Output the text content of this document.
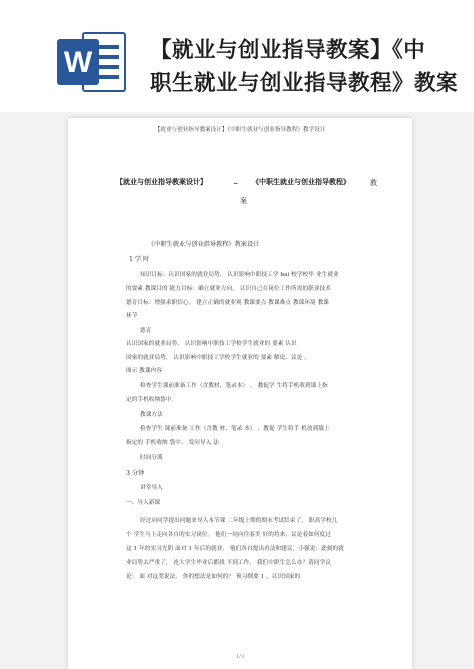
W	【就业与创业指导教案】《中
职生就业与创业指导教程》教案
【就业与创业指导教案设计】《中职生就业与创业指导教程》教学设计
【就业与创业指导教案设计】	_ 《中职生就业与创业指导教程》	教
案
《中职生就业与创业指导教程》教案设计
1 学 时
知识目标：认识国家的就业局势， 认识影响中职技工学 bai 校学校毕 业生就业
的要素 教课目的 能力目标：确立就业方向， 认识自己在岗位工作所需的职业技术
德育目标：增强求职信心。 建立正确的就业观 教课要点 教课难点 教课环境 教课
环节
德育
认识国家的就业局势， 认识影响中职技工学校学生就业的 要素 认识
国家的就业局势， 认识影响中职技工学校学生就业的 要素 解说、议论 、
图示 教课内容
检查学生课前准备工作（含教材、笔录本） ， 教促学 生将手机收到墙上指
定的手机收纳袋中。
教课方法
检查学生 课前准备 工作（含教 材、笔录 本） ，教促 学生将手 机放到墙上
指定的 手机收纳 袋中。 发问导入 法
时间分派
3 分钟
讲堂导入
一、导入新课
经过向同学提出问题来导入本节课 二年级上期的期末考试结束了， 职高学校几
个 学生马上走向各自的实习岗位。 他们一同向往着美 好的将来，议论着如何度过
这 1 年的实习光阴 面对 1 年后的就业， 他们各自提出看法和建议，小强说：此刻的就
业局势太严重了， 连大学生毕业后都找 不到工作， 我们中职生怎么办？请同学议
论： 面 对这类说法， 你的想法是如何的？ 预习纲要 1 、认识国家的
1/3
